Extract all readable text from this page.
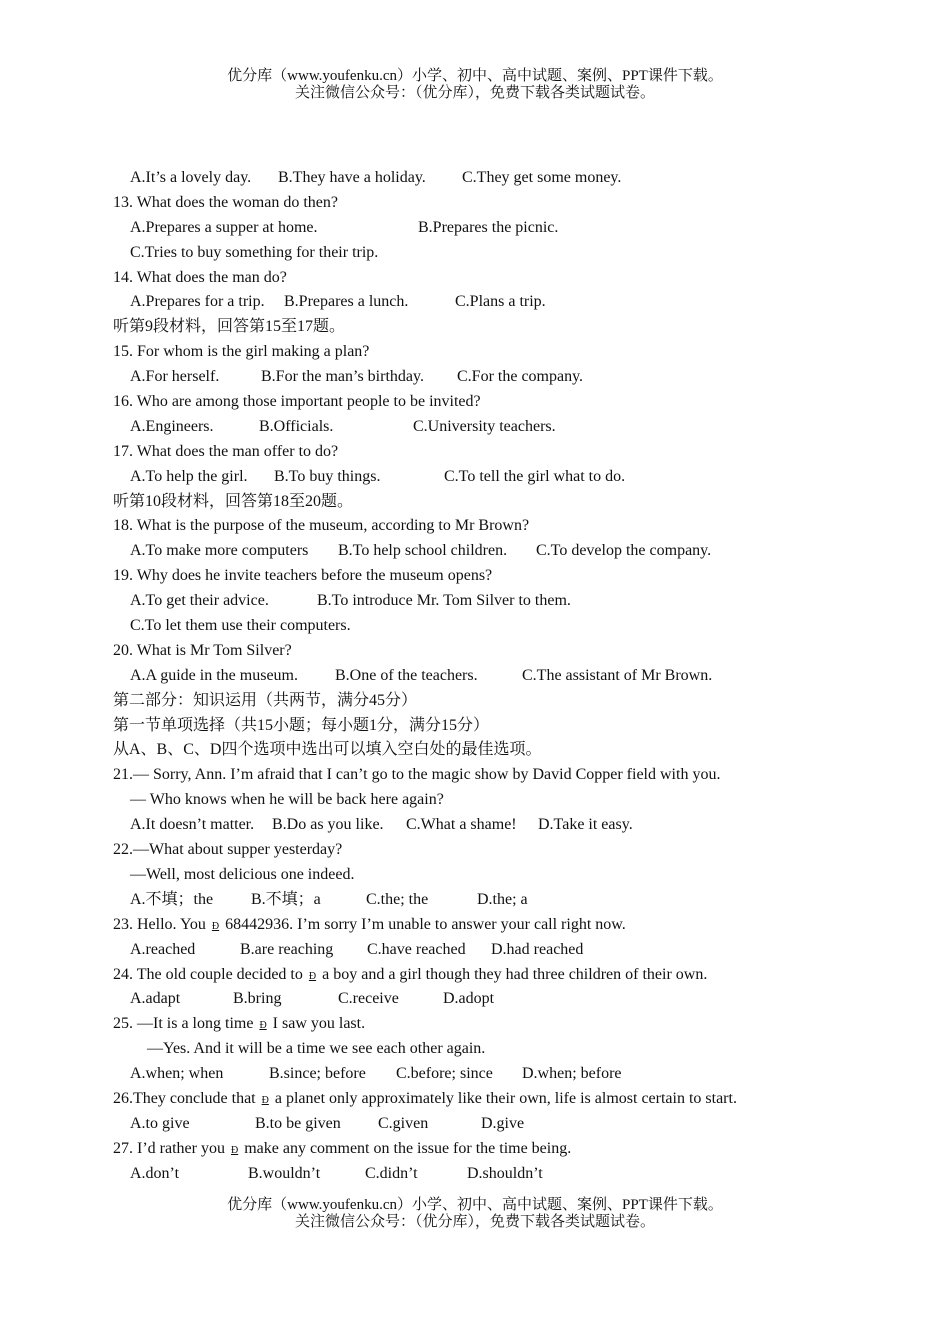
优分库（www.youfenku.cn）小学、初中、高中试题、案例、PPT课件下载。
关注微信公众号：（优分库），免费下载各类试题试卷。
A.It’s a lovely day. B.They have a holiday. C.They get some money.
13. What does the woman do then?
A.Prepares a supper at home.	B.Prepares the picnic.
C.Tries to buy something for their trip.
14. What does the man do?
A.Prepares for a trip. B.Prepares a lunch.	C.Plans a trip.
听第9段材料，回答第15至17题。
15. For whom is the girl making a plan?
A.For herself.	B.For the man’s birthday. C.For the company.
16. Who are among those important people to be invited?
A.Engineers.	B.Officials.	C.University teachers.
17. What does the man offer to do?
A.To help the girl. B.To buy things.	C.To tell the girl what to do.
听第10段材料，回答第18至20题。
18. What is the purpose of the museum, according to Mr Brown?
A.To make more computers B.To help school children. C.To develop the company.
19. Why does he invite teachers before the museum opens?
A.To get their advice.	B.To introduce Mr. Tom Silver to them.
C.To let them use their computers.
20. What is Mr Tom Silver?
A.A guide in the museum. B.One of the teachers.	C.The assistant of Mr Brown.
第二部分：知识运用（共两节，满分45分）
第一节单项选择（共15小题；每小题1分，满分15分）
从A、B、C、D四个选项中选出可以填入空白处的最佳选项。
21.— Sorry, Ann. I’m afraid that I can’t go to the magic show by David Copper field with you.
— Who knows when he will be back here again?
A.It doesn’t matter. B.Do as you like. C.What a shame! D.Take it easy.
22.—What about supper yesterday?
—Well, most delicious one indeed.
A.不填；the B.不填；a	C.the; the	D.the; a
23. Hello. You Ð 68442936. I’m sorry I’m unable to answer your call right now.
A.reached	B.are reaching C.have reached D.had reached
24. The old couple decided to Ð a boy and a girl though they had three children of their own.
A.adapt	B.bring	C.receive	D.adopt
25. —It is a long time Ð I saw you last.
—Yes. And it will be a time we see each other again.
A.when; when	B.since; before C.before; since D.when; before
26.They conclude that Ð a planet only approximately like their own, life is almost certain to start.
A.to give	B.to be given C.given	D.give
27. I’d rather you Ð make any comment on the issue for the time being.
A.don’t	B.wouldn’t	C.didn’t	D.shouldn’t
优分库（www.youfenku.cn）小学、初中、高中试题、案例、PPT课件下载。
关注微信公众号：（优分库），免费下载各类试题试卷。
